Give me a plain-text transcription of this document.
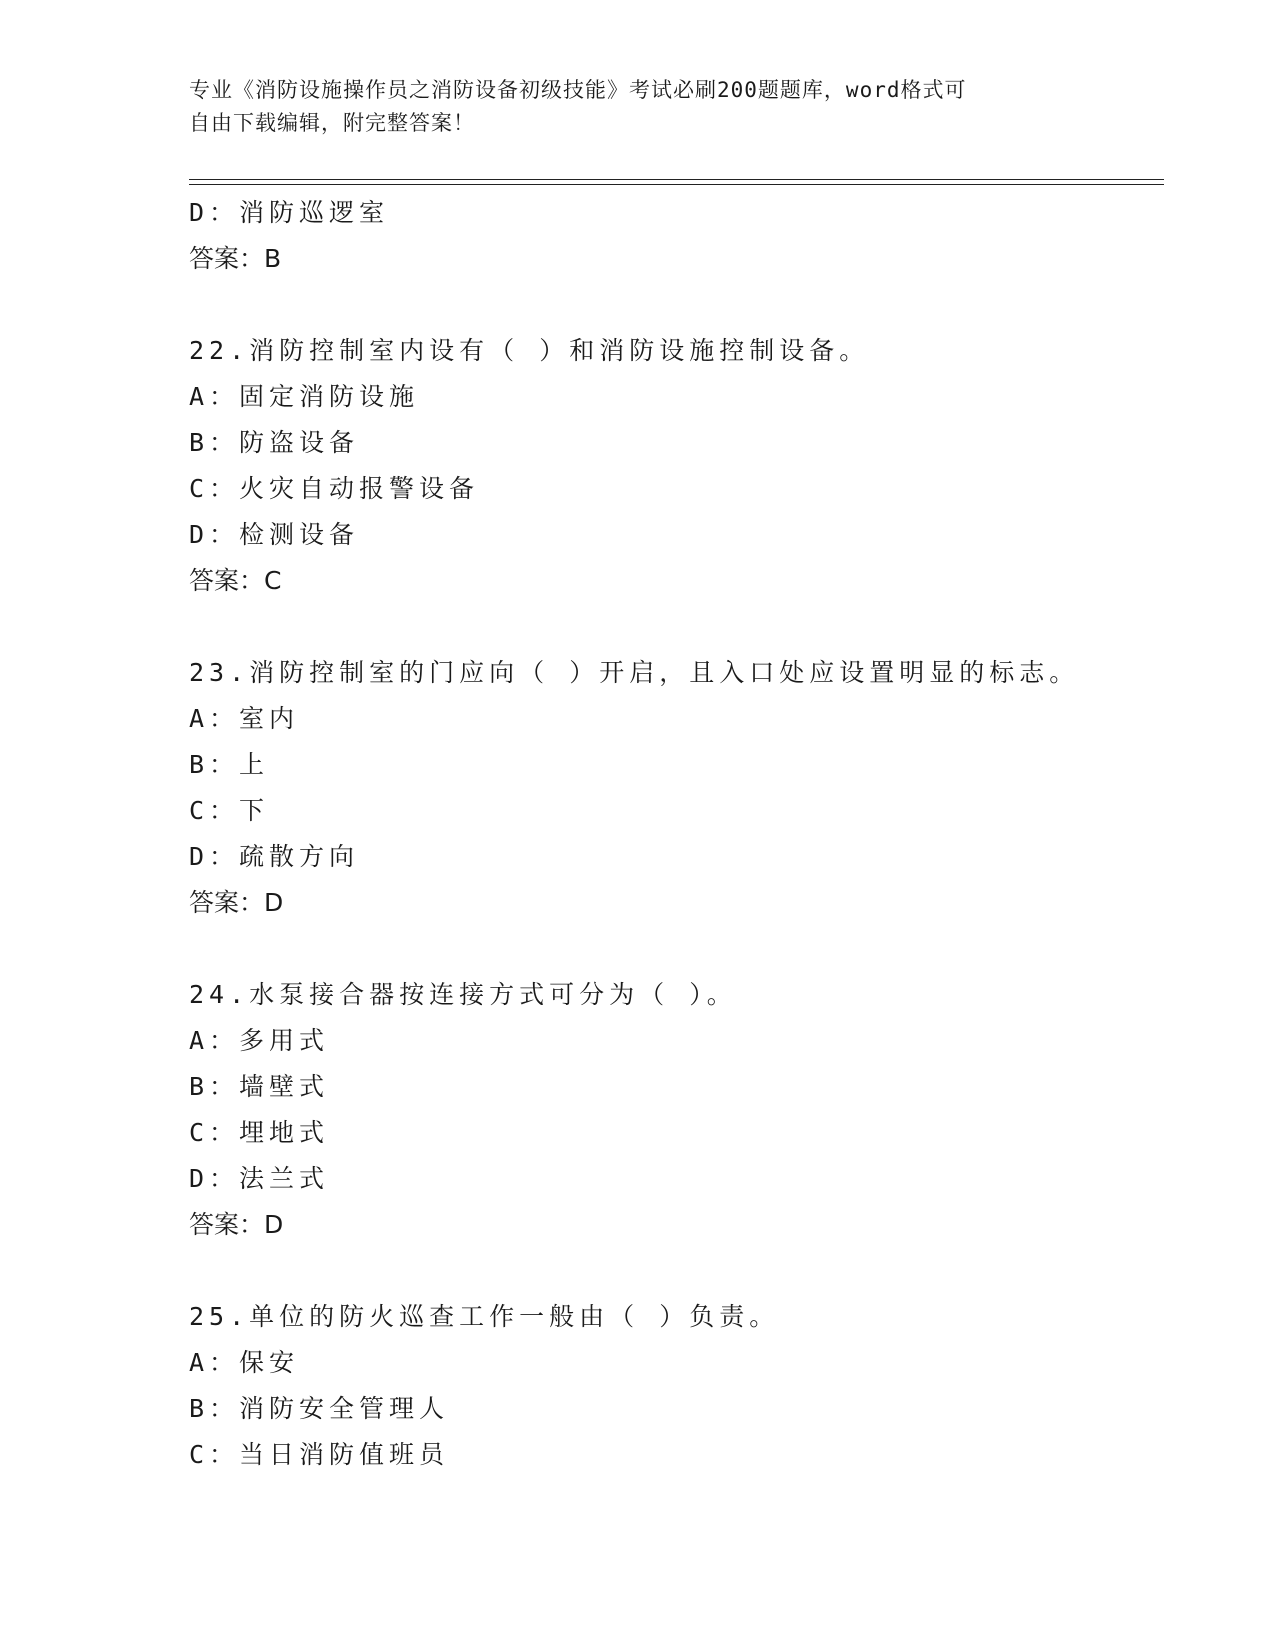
专业《消防设施操作员之消防设备初级技能》考试必刷200题题库，word格式可
自由下载编辑，附完整答案！
D：消防巡逻室
答案：B
22.消防控制室内设有（ ）和消防设施控制设备。
A：固定消防设施
B：防盗设备
C：火灾自动报警设备
D：检测设备
答案：C
23.消防控制室的门应向（ ）开启，且入口处应设置明显的标志。
A：室内
B：上
C：下
D：疏散方向
答案：D
24.水泵接合器按连接方式可分为（ ）。
A：多用式
B：墙壁式
C：埋地式
D：法兰式
答案：D
25.单位的防火巡查工作一般由（ ）负责。
A：保安
B：消防安全管理人
C：当日消防值班员
